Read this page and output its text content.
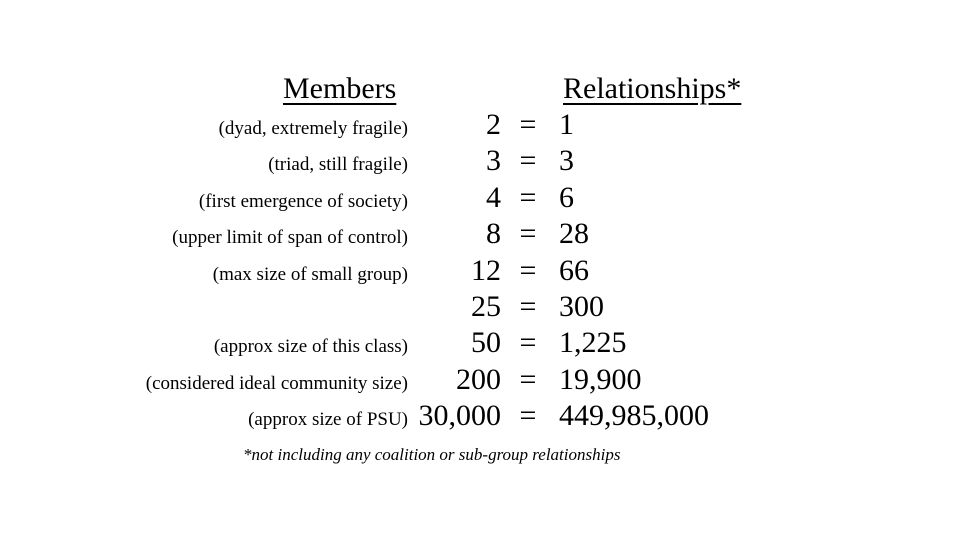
Members	Relationships*
(dyad, extremely fragile)	2 = 1
(triad, still fragile)	3 = 3
(first emergence of society)	4 = 6
(upper limit of span of control)	8 = 28
(max size of small group) 12 = 66
25 = 300
(approx size of this class) 50 = 1,225
(considered ideal community size) 200 = 19,900
(approx size of PSU) 30,000 = 449,985,000
*not including any coalition or sub-group relationships
